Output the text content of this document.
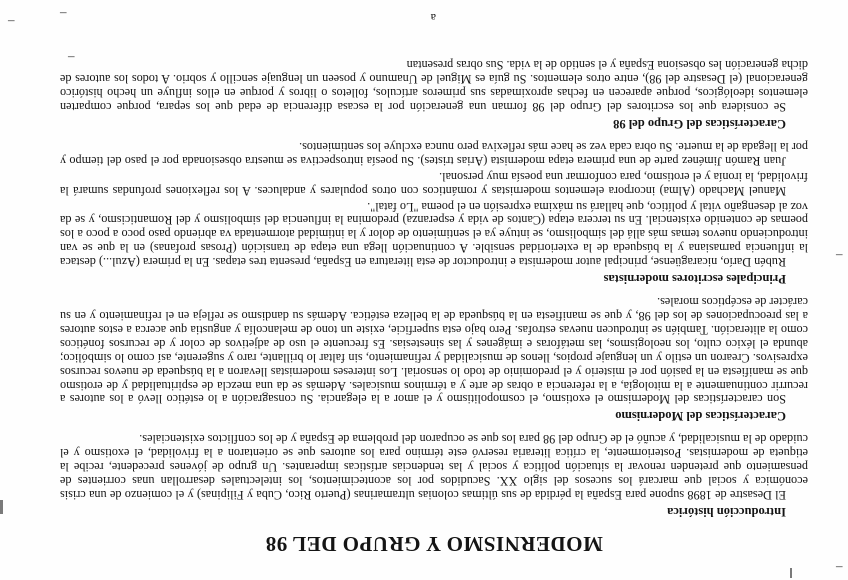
–
–
–
–
–
MODERNISMO Y GRUPO DEL 98
Introducción histórica

El Desastre de 1898 supone para España la pérdida de sus últimas colonias ultramarinas (Puerto Rico, Cuba y Filipinas) y el comienzo de una crisis económica y social que marcará los sucesos del siglo XX. Sacudidos por los acontecimientos, los intelectuales desarrollan unas corrientes de pensamiento que pretenden renovar la situación política y social y las tendencias artísticas imperantes. Un grupo de jóvenes precedente, recibe la etiqueta de modernistas. Posteriormente, la crítica literaria reservó este término para los autores que se orientaron a la frivolidad, el exotismo y el cuidado de la musicalidad, y acuñó el de Grupo del 98 para los que se ocuparon del problema de España y de los conflictos existenciales.

Características del Modernismo

Son características del Modernismo el exotismo, el cosmopolitismo y el amor a la elegancia. Su consagración a lo estético llevó a los autores a recurrir continuamente a la mitología, a la referencia a obras de arte y a términos musicales. Además se da una mezcla de espiritualidad y de erotismo que se manifiesta en la pasión por el misterio y el predominio de todo lo sensorial. Los intereses modernistas llevaron a la búsqueda de nuevos recursos expresivos. Crearon un estilo y un lenguaje propios, llenos de musicalidad y refinamiento, sin faltar lo brillante, raro y sugerente, así como lo simbólico; abunda el léxico culto, los neologismos, las metáforas e imágenes y las sinestesias. Es frecuente el uso de adjetivos de color y de recursos fonéticos como la aliteración. También se introducen nuevas estrofas. Pero bajo esta superficie, existe un tono de melancolía y angustia que acerca a estos autores a las preocupaciones de los del 98, y que se manifiesta en la búsqueda de la belleza estética. Además su dandismo se refleja en el refinamiento y en su carácter de escépticos morales.

Principales escritores modernistas

Rubén Darío, nicaragüense, principal autor modernista e introductor de esta literatura en España, presenta tres etapas. En la primera (Azul...) destaca la influencia parnasiana y la búsqueda de la exterioridad sensible. A continuación llega una etapa de transición (Prosas profanas) en la que se van introduciendo nuevos temas más allá del simbolismo, se intuye ya el sentimiento de dolor y la intimidad atormentada va abriendo paso poco a poco a los poemas de contenido existencial. En su tercera etapa (Cantos de vida y esperanza) predomina la influencia del simbolismo y del Romanticismo, y se da voz al desengaño vital y político, que hallará su máxima expresión en el poema "Lo fatal".

Manuel Machado (Alma) incorpora elementos modernistas y románticos con otros populares y andaluces. A los reflexiones profundas sumará la frivolidad, la ironía y el erotismo, para conformar una poesía muy personal.

Juan Ramón Jiménez parte de una primera etapa modernista (Arias tristes). Su poesía introspectiva se muestra obsesionada por el paso del tiempo y por la llegada de la muerte. Su obra cada vez se hace más reflexiva pero nunca excluye los sentimientos.

Características del Grupo del 98

Se considera que los escritores del Grupo del 98 forman una generación por la escasa diferencia de edad que los separa, porque comparten elementos ideológicos, porque aparecen en fechas aproximadas sus primeros artículos, folletos o libros y porque en ellos influye un hecho histórico generacional (el Desastre del 98), entre otros elementos. Su guía es Miguel de Unamuno y poseen un lenguaje sencillo y sobrio. A todos los autores de dicha generación les obsesiona España y el sentido de la vida. Sus obras presentan

a
